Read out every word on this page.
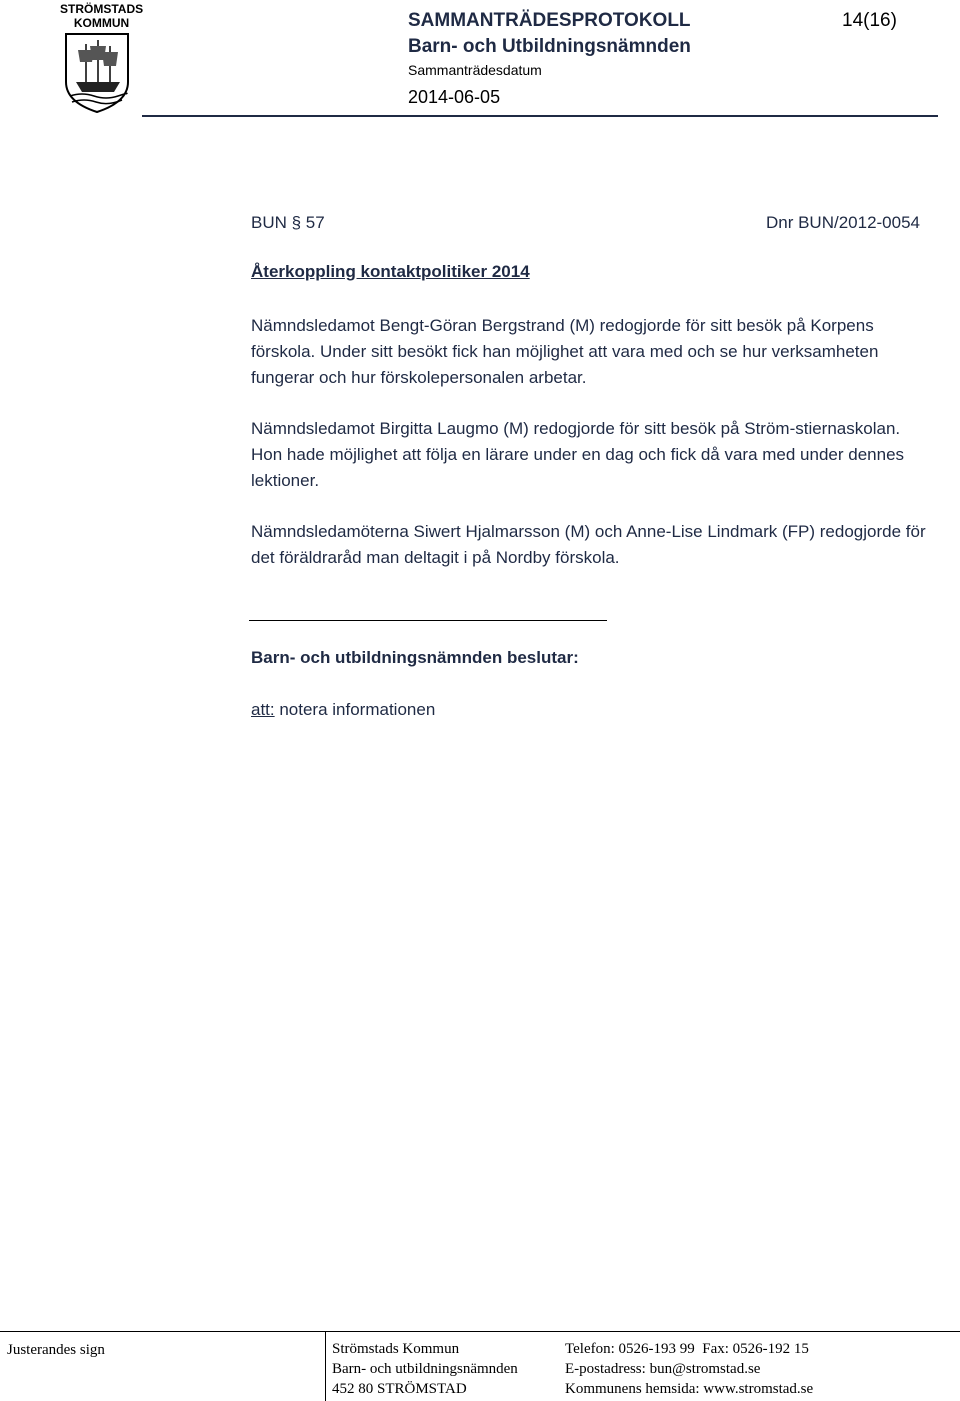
STRÖMSTADS
KOMMUN	SAMMANTRÄDESPROTOKOLL
Barn- och Utbildningsnämnden
Sammanträdesdatum
2014-06-05
14(16)
BUN § 57	Dnr BUN/2012-0054
Återkoppling kontaktpolitiker 2014

Nämndsledamot Bengt-Göran Bergstrand (M) redogjorde för sitt besök på Korpens förskola. Under sitt besökt fick han möjlighet att vara med och se hur verksamheten fungerar och hur förskolepersonalen arbetar.

Nämndsledamot Birgitta Laugmo (M) redogjorde för sitt besök på Ström-stiernaskolan. Hon hade möjlighet att följa en lärare under en dag och fick då vara med under dennes lektioner.

Nämndsledamöterna Siwert Hjalmarsson (M) och Anne-Lise Lindmark (FP) redogjorde för det föräldraråd man deltagit i på Nordby förskola.

Barn- och utbildningsnämnden beslutar:
att: notera informationen
Justerandes sign	Strömstads Kommun
Barn- och utbildningsnämnden
452 80 STRÖMSTAD
Telefon: 0526-193 99  Fax: 0526-192 15
E-postadress: bun@stromstad.se
Kommunens hemsida: www.stromstad.se
